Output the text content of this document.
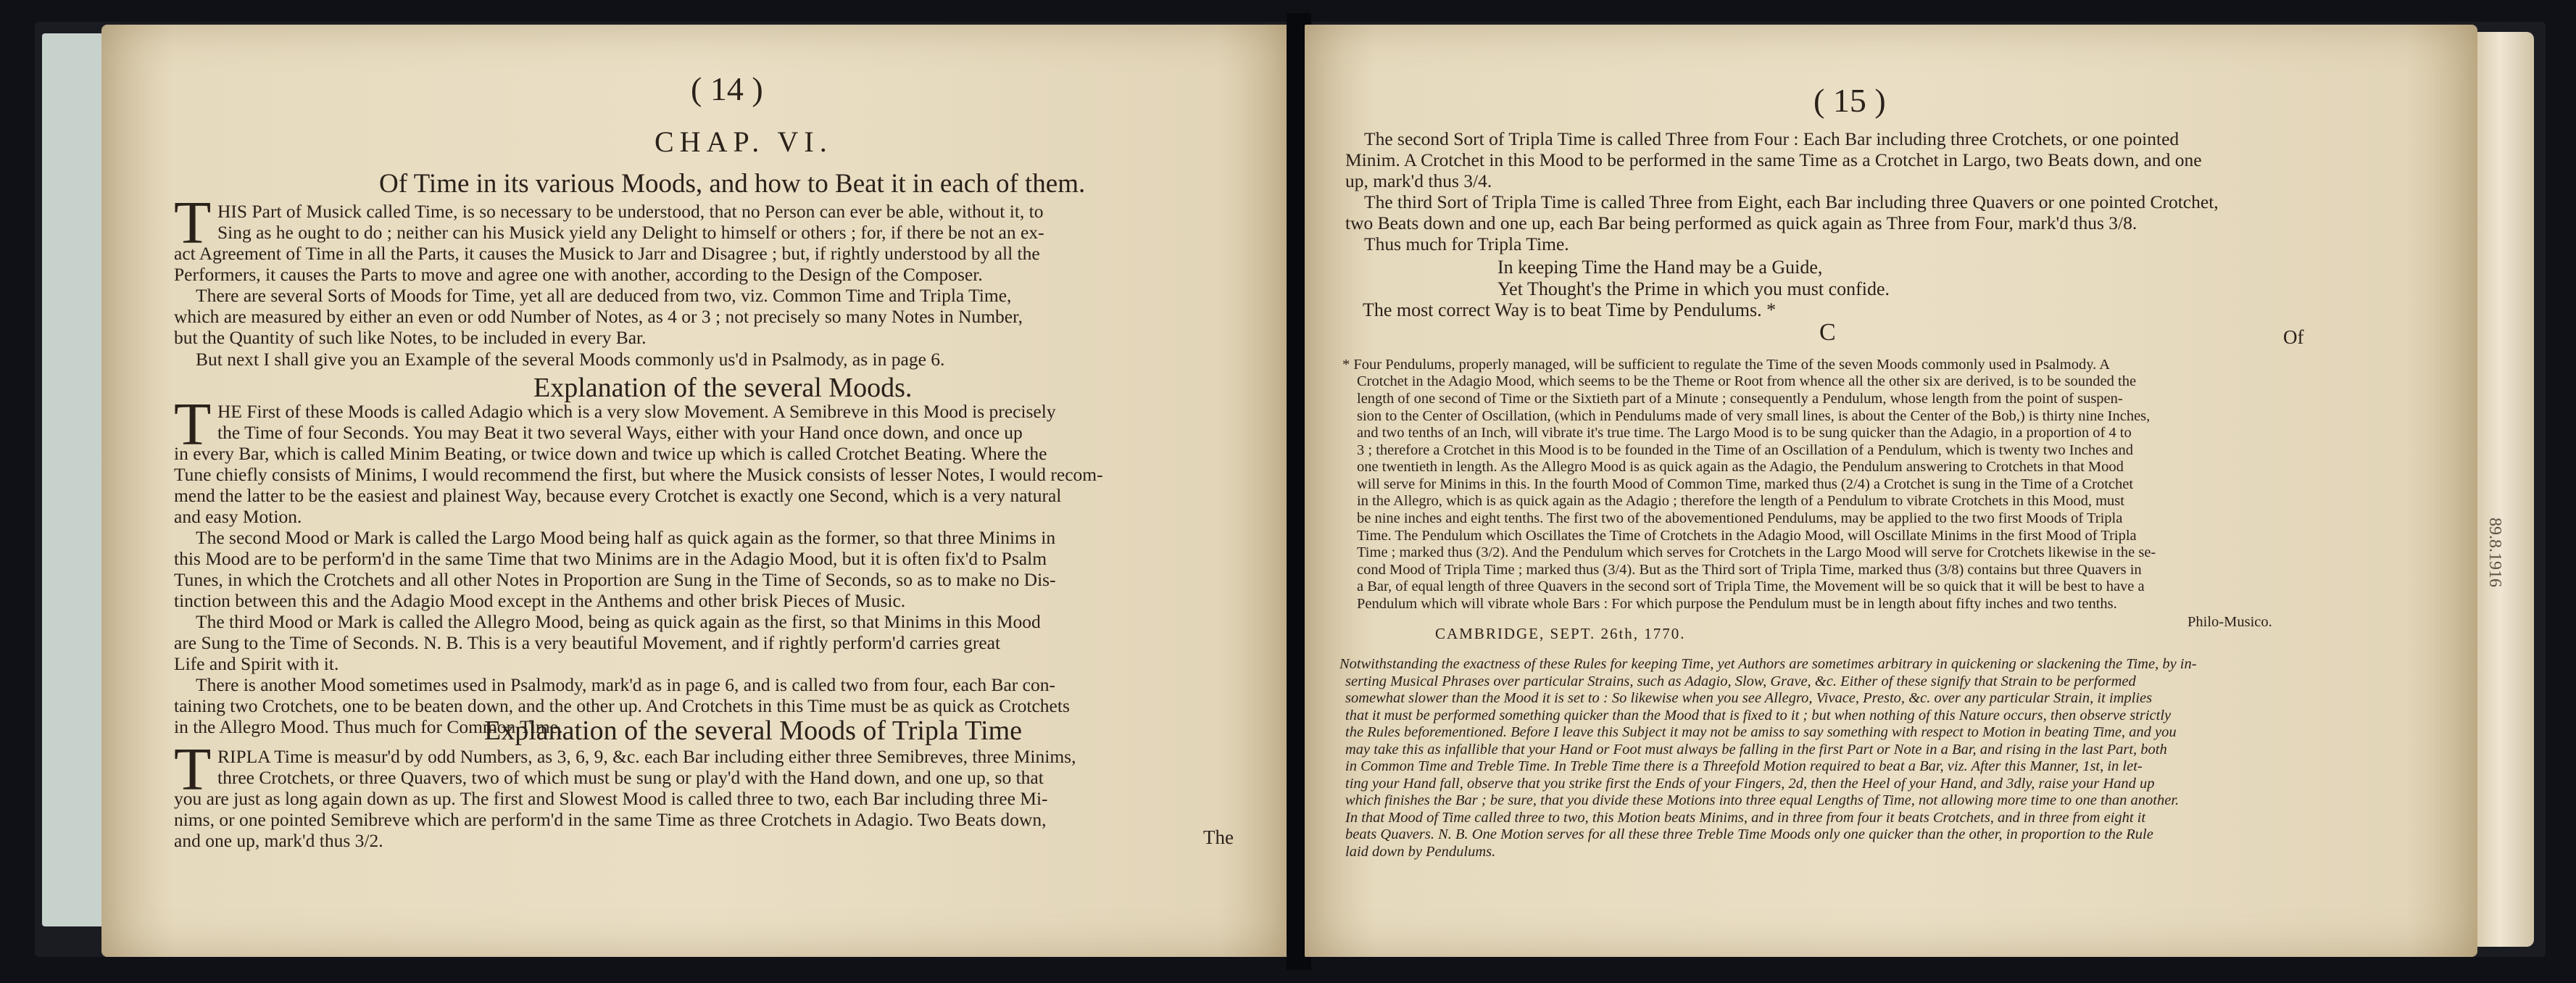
( 14 )
CHAP. VI.
Of Time in its various Moods, and how to Beat it in each of them.
T HIS Part of Musick called Time, is so necessary to be understood, that no Person can ever be able, without it, to
Sing as he ought to do ; neither can his Musick yield any Delight to himself or others ; for, if there be not an ex-
act Agreement of Time in all the Parts, it causes the Musick to Jarr and Disagree ; but, if rightly understood by all the
Performers, it causes the Parts to move and agree one with another, according to the Design of the Composer.
There are several Sorts of Moods for Time, yet all are deduced from two, viz. Common Time and Tripla Time,
which are measured by either an even or odd Number of Notes, as 4 or 3 ; not precisely so many Notes in Number,
but the Quantity of such like Notes, to be included in every Bar.
But next I shall give you an Example of the several Moods commonly us'd in Psalmody, as in page 6.
Explanation of the several Moods.
T HE First of these Moods is called Adagio which is a very slow Movement. A Semibreve in this Mood is precisely
the Time of four Seconds. You may Beat it two several Ways, either with your Hand once down, and once up
in every Bar, which is called Minim Beating, or twice down and twice up which is called Crotchet Beating. Where the
Tune chiefly consists of Minims, I would recommend the first, but where the Musick consists of lesser Notes, I would recom-
mend the latter to be the easiest and plainest Way, because every Crotchet is exactly one Second, which is a very natural
and easy Motion.
The second Mood or Mark is called the Largo Mood being half as quick again as the former, so that three Minims in
this Mood are to be perform'd in the same Time that two Minims are in the Adagio Mood, but it is often fix'd to Psalm
Tunes, in which the Crotchets and all other Notes in Proportion are Sung in the Time of Seconds, so as to make no Dis-
tinction between this and the Adagio Mood except in the Anthems and other brisk Pieces of Music.
The third Mood or Mark is called the Allegro Mood, being as quick again as the first, so that Minims in this Mood
are Sung to the Time of Seconds. N. B. This is a very beautiful Movement, and if rightly perform'd carries great
Life and Spirit with it.
There is another Mood sometimes used in Psalmody, mark'd as in page 6, and is called two from four, each Bar con-
taining two Crotchets, one to be beaten down, and the other up. And Crotchets in this Time must be as quick as Crotchets
in the Allegro Mood. Thus much for Common Time.
Explanation of the several Moods of Tripla Time
T RIPLA Time is measur'd by odd Numbers, as 3, 6, 9, &c. each Bar including either three Semibreves, three Minims,
three Crotchets, or three Quavers, two of which must be sung or play'd with the Hand down, and one up, so that
you are just as long again down as up. The first and Slowest Mood is called three to two, each Bar including three Mi-
nims, or one pointed Semibreve which are perform'd in the same Time as three Crotchets in Adagio. Two Beats down,
and one up, mark'd thus 3/2.	The
( 15 )
The second Sort of Tripla Time is called Three from Four : Each Bar including three Crotchets, or one pointed
Minim. A Crotchet in this Mood to be performed in the same Time as a Crotchet in Largo, two Beats down, and one
up, mark'd thus 3/4.
The third Sort of Tripla Time is called Three from Eight, each Bar including three Quavers or one pointed Crotchet,
two Beats down and one up, each Bar being performed as quick again as Three from Four, mark'd thus 3/8.
Thus much for Tripla Time.
In keeping Time the Hand may be a Guide,
Yet Thought's the Prime in which you must confide.
The most correct Way is to beat Time by Pendulums. *
C	Of
* Four Pendulums, properly managed, will be sufficient to regulate the Time of the seven Moods commonly used in Psalmody. A
Crotchet in the Adagio Mood, which seems to be the Theme or Root from whence all the other six are derived, is to be sounded the
length of one second of Time or the Sixtieth part of a Minute ; consequently a Pendulum, whose length from the point of suspen-
sion to the Center of Oscillation, (which in Pendulums made of very small lines, is about the Center of the Bob,) is thirty nine Inches,
and two tenths of an Inch, will vibrate it's true time. The Largo Mood is to be sung quicker than the Adagio, in a proportion of 4 to
3 ; therefore a Crotchet in this Mood is to be founded in the Time of an Oscillation of a Pendulum, which is twenty two Inches and
one twentieth in length. As the Allegro Mood is as quick again as the Adagio, the Pendulum answering to Crotchets in that Mood
will serve for Minims in this. In the fourth Mood of Common Time, marked thus (2/4) a Crotchet is sung in the Time of a Crotchet
in the Allegro, which is as quick again as the Adagio ; therefore the length of a Pendulum to vibrate Crotchets in this Mood, must
be nine inches and eight tenths. The first two of the abovementioned Pendulums, may be applied to the two first Moods of Tripla
Time. The Pendulum which Oscillates the Time of Crotchets in the Adagio Mood, will Oscillate Minims in the first Mood of Tripla
Time ; marked thus (3/2). And the Pendulum which serves for Crotchets in the Largo Mood will serve for Crotchets likewise in the se-
cond Mood of Tripla Time ; marked thus (3/4). But as the Third sort of Tripla Time, marked thus (3/8) contains but three Quavers in
a Bar, of equal length of three Quavers in the second sort of Tripla Time, the Movement will be so quick that it will be best to have a
Pendulum which will vibrate whole Bars : For which purpose the Pendulum must be in length about fifty inches and two tenths.
Philo-Musico.
CAMBRIDGE, SEPT. 26th, 1770.
Notwithstanding the exactness of these Rules for keeping Time, yet Authors are sometimes arbitrary in quickening or slackening the Time, by in-
serting Musical Phrases over particular Strains, such as Adagio, Slow, Grave, &c. Either of these signify that Strain to be performed
somewhat slower than the Mood it is set to : So likewise when you see Allegro, Vivace, Presto, &c. over any particular Strain, it implies
that it must be performed something quicker than the Mood that is fixed to it ; but when nothing of this Nature occurs, then observe strictly
the Rules beforementioned. Before I leave this Subject it may not be amiss to say something with respect to Motion in beating Time, and you
may take this as infallible that your Hand or Foot must always be falling in the first Part or Note in a Bar, and rising in the last Part, both
in Common Time and Treble Time. In Treble Time there is a Threefold Motion required to beat a Bar, viz. After this Manner, 1st, in let-
ting your Hand fall, observe that you strike first the Ends of your Fingers, 2d, then the Heel of your Hand, and 3dly, raise your Hand up
which finishes the Bar ; be sure, that you divide these Motions into three equal Lengths of Time, not allowing more time to one than another.
In that Mood of Time called three to two, this Motion beats Minims, and in three from four it beats Crotchets, and in three from eight it
beats Quavers. N. B. One Motion serves for all these three Treble Time Moods only one quicker than the other, in proportion to the Rule
laid down by Pendulums.
89.8.1916
